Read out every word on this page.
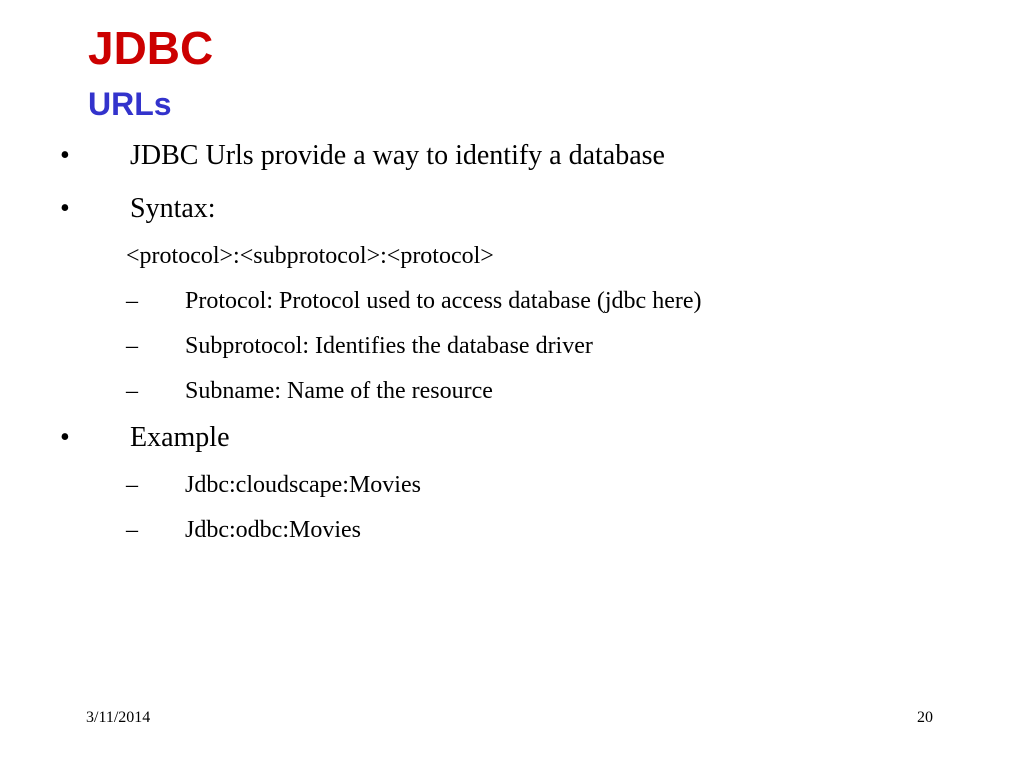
JDBC
URLs
• JDBC Urls provide a way to identify a database
• Syntax:
<protocol>:<subprotocol>:<protocol>
– Protocol: Protocol used to access database (jdbc here)
– Subprotocol: Identifies the database driver
– Subname: Name of the resource
• Example
– Jdbc:cloudscape:Movies
– Jdbc:odbc:Movies
3/11/2014	20
